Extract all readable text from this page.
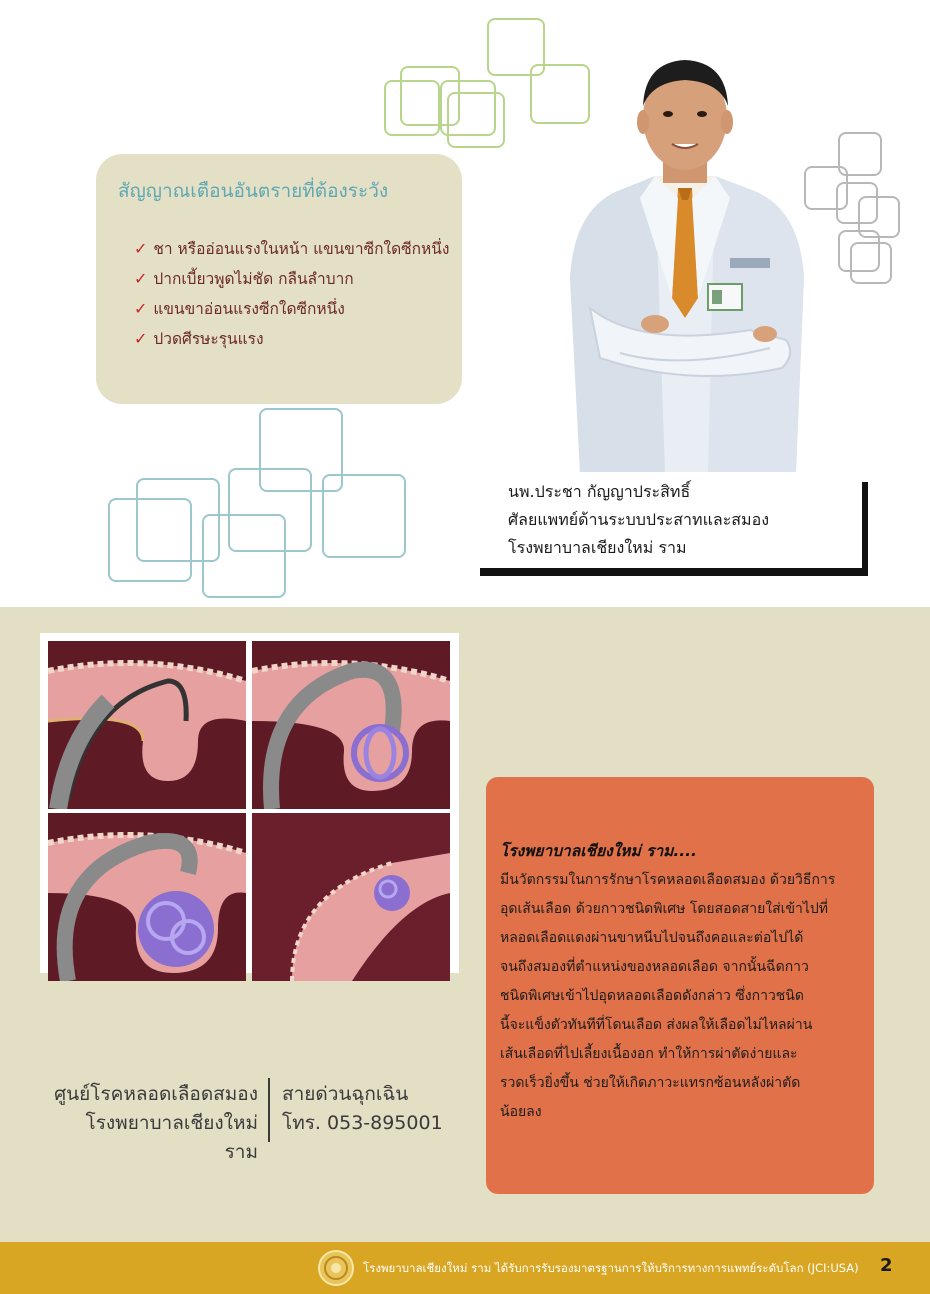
สัญญาณเตือนอันตรายที่ต้องระวัง
✓ ชา หรืออ่อนแรงในหน้า แขนขาซีกใดซีกหนึ่ง
✓ ปากเบี้ยวพูดไม่ชัด กลืนลำบาก
✓ แขนขาอ่อนแรงซีกใดซีกหนึ่ง
✓ ปวดศีรษะรุนแรง
นพ.ประชา กัญญาประสิทธิ์
ศัลยแพทย์ด้านระบบประสาทและสมอง
โรงพยาบาลเชียงใหม่ ราม
โรงพยาบาลเชียงใหม่ ราม....

มีนวัตกรรมในการรักษาโรคหลอดเลือดสมอง ด้วยวิธีการ

อุดเส้นเลือด ด้วยกาวชนิดพิเศษ โดยสอดสายใส่เข้าไปที่

หลอดเลือดแดงผ่านขาหนีบไปจนถึงคอและต่อไปได้

จนถึงสมองที่ตำแหน่งของหลอดเลือด จากนั้นฉีดกาว

ชนิดพิเศษเข้าไปอุดหลอดเลือดดังกล่าว ซึ่งกาวชนิด

นี้จะแข็งตัวทันทีที่โดนเลือด ส่งผลให้เลือดไม่ไหลผ่าน

เส้นเลือดที่ไปเลี้ยงเนื้องอก ทำให้การผ่าตัดง่ายและ

รวดเร็วยิ่งขึ้น ช่วยให้เกิดภาวะแทรกซ้อนหลังผ่าตัด

น้อยลง

ศูนย์โรคหลอดเลือดสมอง
โรงพยาบาลเชียงใหม่ ราม
สายด่วนฉุกเฉิน
โทร. 053-895001
โรงพยาบาลเชียงใหม่ ราม ได้รับการรับรองมาตรฐานการให้บริการทางการแพทย์ระดับโลก (JCI:USA) 2
